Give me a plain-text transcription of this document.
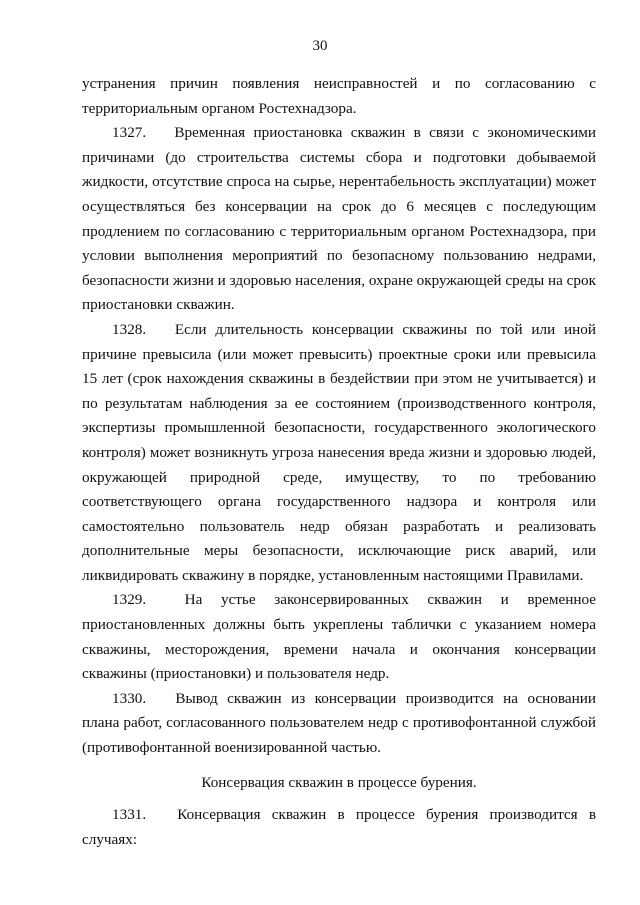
30

устранения причин появления неисправностей и по согласованию с территориальным органом Ростехнадзора.

1327. Временная приостановка скважин в связи с экономическими причинами (до строительства системы сбора и подготовки добываемой жидкости, отсутствие спроса на сырье, нерентабельность эксплуатации) может осуществляться без консервации на срок до 6 месяцев с последующим продлением по согласованию с территориальным органом Ростехнадзора, при условии выполнения мероприятий по безопасному пользованию недрами, безопасности жизни и здоровью населения, охране окружающей среды на срок приостановки скважин.

1328. Если длительность консервации скважины по той или иной причине превысила (или может превысить) проектные сроки или превысила 15 лет (срок нахождения скважины в бездействии при этом не учитывается) и по результатам наблюдения за ее состоянием (производственного контроля, экспертизы промышленной безопасности, государственного экологического контроля) может возникнуть угроза нанесения вреда жизни и здоровью людей, окружающей природной среде, имуществу, то по требованию соответствующего органа государственного надзора и контроля или самостоятельно пользователь недр обязан разработать и реализовать дополнительные меры безопасности, исключающие риск аварий, или ликвидировать скважину в порядке, установленным настоящими Правилами.

1329.	На устье законсервированных скважин и временное приостановленных должны быть укреплены таблички с указанием номера скважины, месторождения, времени начала и окончания консервации скважины (приостановки) и пользователя недр.

1330. Вывод скважин из консервации производится на основании плана работ, согласованного пользователем недр с противофонтанной службой (противофонтанной военизированной частью.

Консервация скважин в процессе бурения.

1331. Консервация скважин в процессе бурения производится в случаях:
